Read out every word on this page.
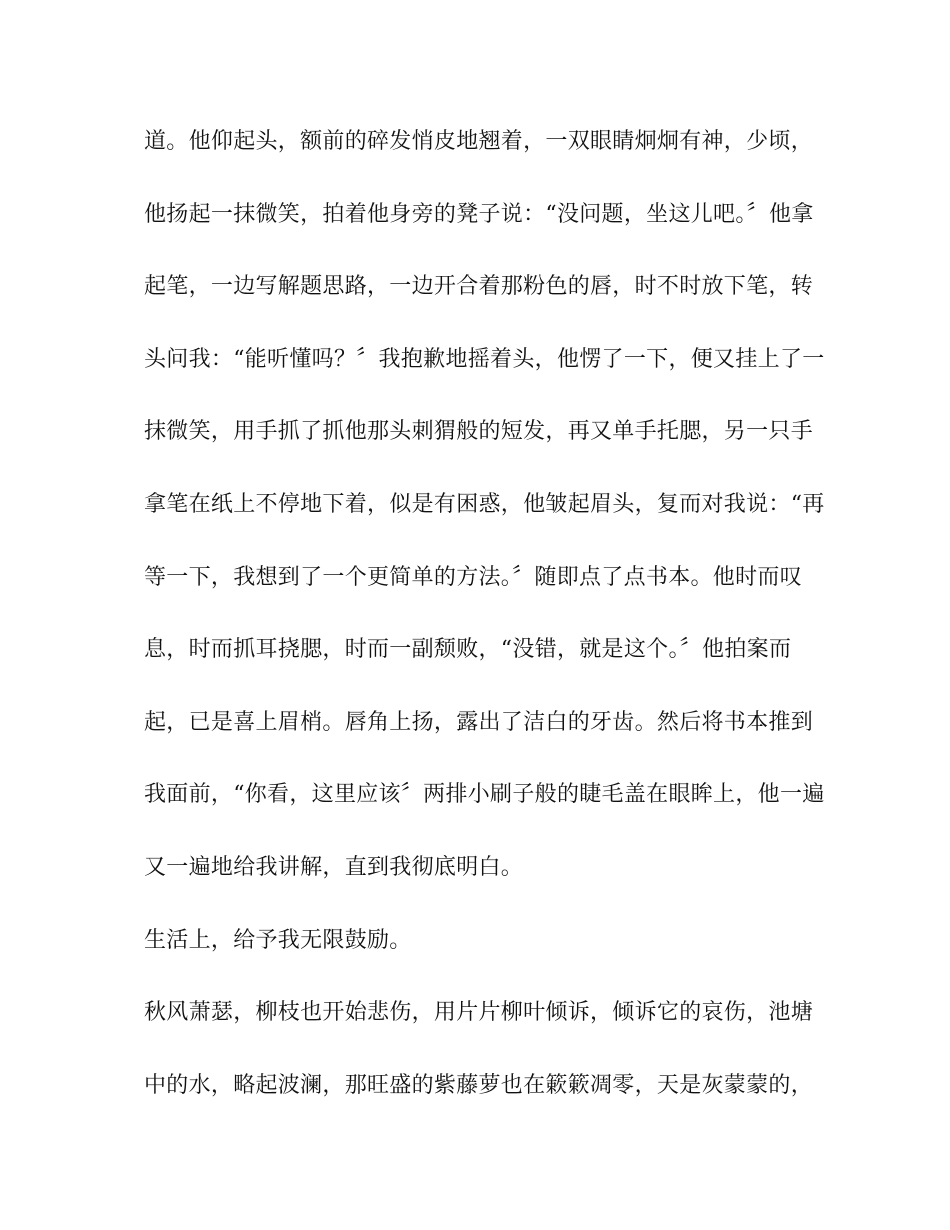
道。他仰起头，额前的碎发悄皮地翘着，一双眼睛炯炯有神，少顷，
他扬起一抹微笑，拍着他身旁的凳子说：“没问题，坐这儿吧。〞他拿
起笔，一边写解题思路，一边开合着那粉色的唇，时不时放下笔，转
头问我：“能听懂吗？〞我抱歉地摇着头，他愣了一下，便又挂上了一
抹微笑，用手抓了抓他那头刺猬般的短发，再又单手托腮，另一只手
拿笔在纸上不停地下着，似是有困惑，他皱起眉头，复而对我说：“再
等一下，我想到了一个更简单的方法。〞随即点了点书本。他时而叹
息，时而抓耳挠腮，时而一副颓败，“没错，就是这个。〞他拍案而
起，已是喜上眉梢。唇角上扬，露出了洁白的牙齿。然后将书本推到
我面前，“你看，这里应该〞两排小刷子般的睫毛盖在眼眸上，他一遍
又一遍地给我讲解，直到我彻底明白。
生活上，给予我无限鼓励。
秋风萧瑟，柳枝也开始悲伤，用片片柳叶倾诉，倾诉它的哀伤，池塘
中的水，略起波澜，那旺盛的紫藤萝也在簌簌凋零，天是灰蒙蒙的，
